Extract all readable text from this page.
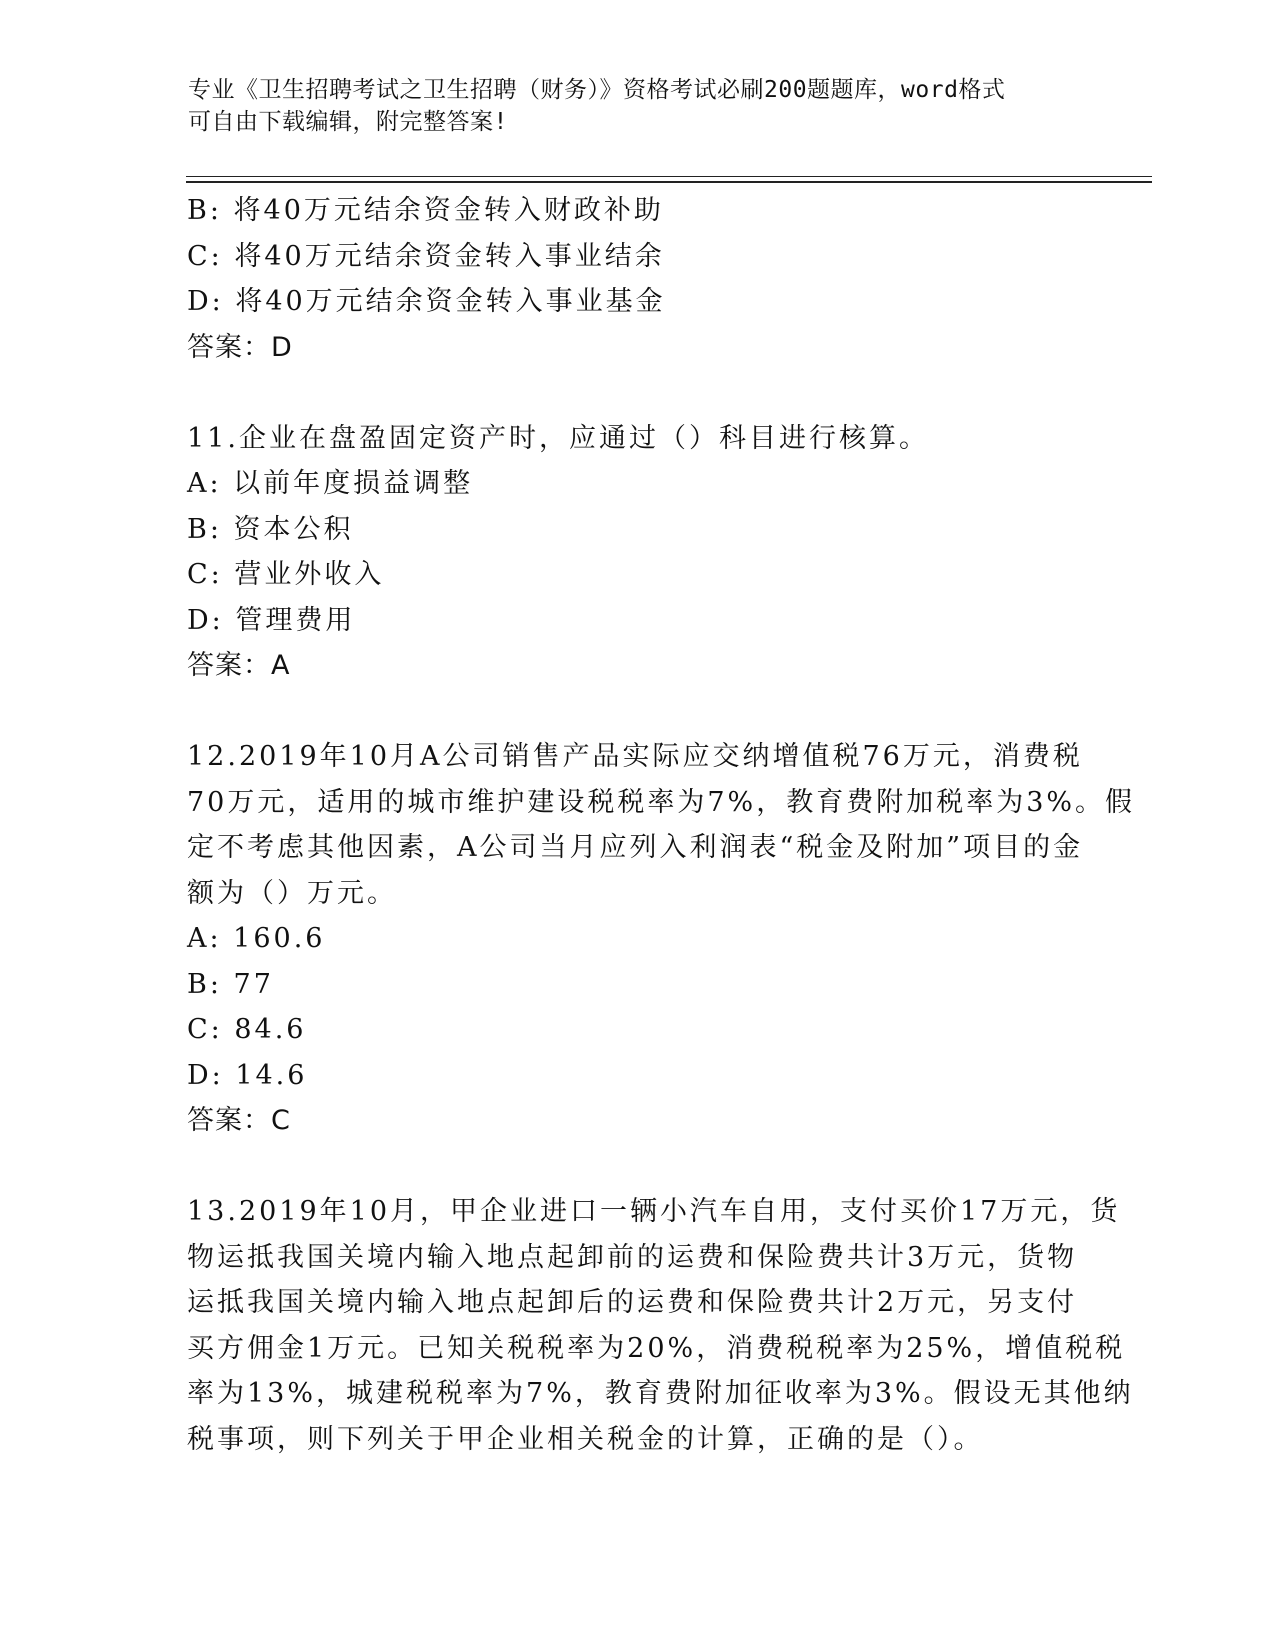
专业《卫生招聘考试之卫生招聘（财务）》资格考试必刷200题题库，word格式
可自由下载编辑，附完整答案!
B: 将40万元结余资金转入财政补助
C: 将40万元结余资金转入事业结余
D: 将40万元结余资金转入事业基金
答案：D
11.企业在盘盈固定资产时，应通过（）科目进行核算。
A: 以前年度损益调整
B: 资本公积
C: 营业外收入
D: 管理费用
答案：A
12.2019年10月A公司销售产品实际应交纳增值税76万元，消费税
70万元，适用的城市维护建设税税率为7%，教育费附加税率为3%。假
定不考虑其他因素，A公司当月应列入利润表“税金及附加”项目的金
额为（）万元。
A: 160.6
B: 77
C: 84.6
D: 14.6
答案：C
13.2019年10月，甲企业进口一辆小汽车自用，支付买价17万元，货
物运抵我国关境内输入地点起卸前的运费和保险费共计3万元，货物
运抵我国关境内输入地点起卸后的运费和保险费共计2万元，另支付
买方佣金1万元。已知关税税率为20%，消费税税率为25%，增值税税
率为13%，城建税税率为7%，教育费附加征收率为3%。假设无其他纳
税事项，则下列关于甲企业相关税金的计算，正确的是（）。
